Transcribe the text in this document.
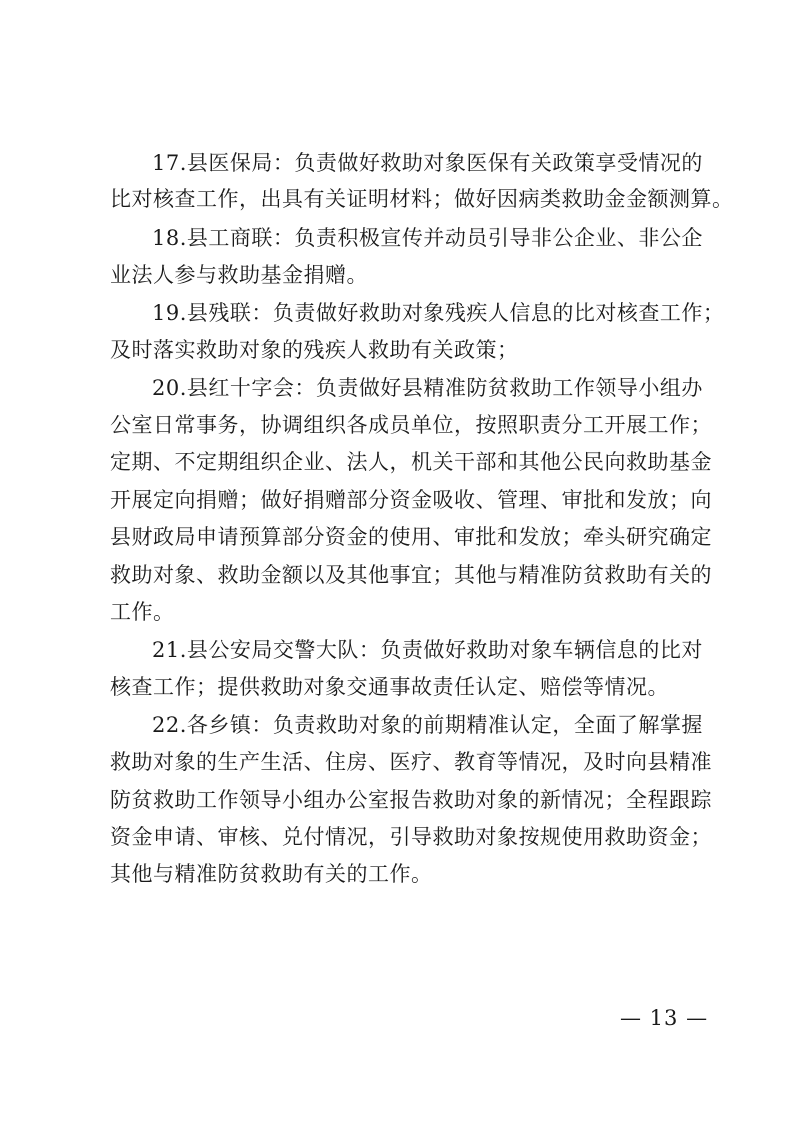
17.县医保局：负责做好救助对象医保有关政策享受情况的
比对核查工作，出具有关证明材料；做好因病类救助金金额测算。
18.县工商联：负责积极宣传并动员引导非公企业、非公企
业法人参与救助基金捐赠。
19.县残联：负责做好救助对象残疾人信息的比对核查工作；
及时落实救助对象的残疾人救助有关政策；
20.县红十字会：负责做好县精准防贫救助工作领导小组办
公室日常事务，协调组织各成员单位，按照职责分工开展工作；
定期、不定期组织企业、法人，机关干部和其他公民向救助基金
开展定向捐赠；做好捐赠部分资金吸收、管理、审批和发放；向
县财政局申请预算部分资金的使用、审批和发放；牵头研究确定
救助对象、救助金额以及其他事宜；其他与精准防贫救助有关的
工作。
21.县公安局交警大队：负责做好救助对象车辆信息的比对
核查工作；提供救助对象交通事故责任认定、赔偿等情况。
22.各乡镇：负责救助对象的前期精准认定，全面了解掌握
救助对象的生产生活、住房、医疗、教育等情况，及时向县精准
防贫救助工作领导小组办公室报告救助对象的新情况；全程跟踪
资金申请、审核、兑付情况，引导救助对象按规使用救助资金；
其他与精准防贫救助有关的工作。
— 13 —
